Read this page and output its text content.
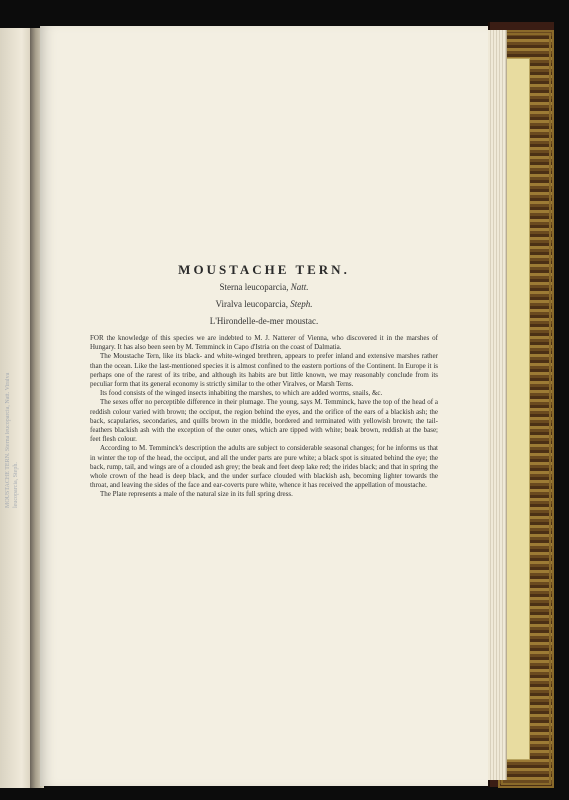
MOUSTACHE TERN. Sterna leucoparcia, Natt. Viralva leucoparcia, Steph.
MOUSTACHE TERN.
Sterna leucoparcia, Natt.
Viralva leucoparcia, Steph.
L'Hirondelle-de-mer moustac.

FOR the knowledge of this species we are indebted to M. J. Natterer of Vienna, who discovered it in the marshes of Hungary. It has also been seen by M. Temminck in Capo d'Istria on the coast of Dalmatia.

The Moustache Tern, like its black- and white-winged brethren, appears to prefer inland and extensive marshes rather than the ocean. Like the last-mentioned species it is almost confined to the eastern portions of the Continent. In Europe it is perhaps one of the rarest of its tribe, and although its habits are but little known, we may reasonably conclude from its peculiar form that its general economy is strictly similar to the other Viralves, or Marsh Terns.

Its food consists of the winged insects inhabiting the marshes, to which are added worms, snails, &c.

The sexes offer no perceptible difference in their plumage. The young, says M. Temminck, have the top of the head of a reddish colour varied with brown; the occiput, the region behind the eyes, and the orifice of the ears of a blackish ash; the back, scapularies, secondaries, and quills brown in the middle, bordered and terminated with yellowish brown; the tail-feathers blackish ash with the exception of the outer ones, which are tipped with white; beak brown, reddish at the base; feet flesh colour.

According to M. Temminck's description the adults are subject to considerable seasonal changes; for he informs us that in winter the top of the head, the occiput, and all the under parts are pure white; a black spot is situated behind the eye; the back, rump, tail, and wings are of a clouded ash grey; the beak and feet deep lake red; the irides black; and that in spring the whole crown of the head is deep black, and the under surface clouded with blackish ash, becoming lighter towards the throat, and leaving the sides of the face and ear-coverts pure white, whence it has received the appellation of moustache.

The Plate represents a male of the natural size in its full spring dress.
